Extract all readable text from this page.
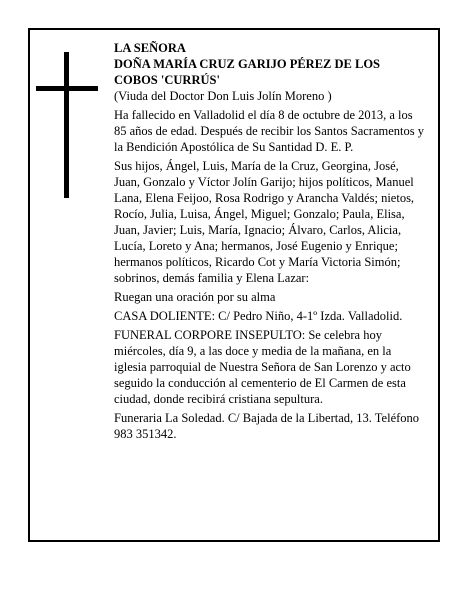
LA SEÑORA

DOÑA MARÍA CRUZ GARIJO PÉREZ DE LOS COBOS 'CURRÚS'

(Viuda del Doctor Don Luis Jolín Moreno )

Ha fallecido en Valladolid el día 8 de octubre de 2013, a los 85 años de edad. Después de recibir los Santos Sacramentos y la Bendición Apostólica de Su Santidad D. E. P.

Sus hijos, Ángel, Luis, María de la Cruz, Georgina, José, Juan, Gonzalo y Víctor Jolín Garijo; hijos políticos, Manuel Lana, Elena Feijoo, Rosa Rodrigo y Arancha Valdés; nietos, Rocío, Julia, Luisa, Ángel, Miguel; Gonzalo; Paula, Elisa, Juan, Javier; Luis, María, Ignacio; Álvaro, Carlos, Alicia, Lucía, Loreto y Ana; hermanos, José Eugenio y Enrique; hermanos políticos, Ricardo Cot y María Victoria Simón; sobrinos, demás familia y Elena Lazar:

Ruegan una oración por su alma

CASA DOLIENTE: C/ Pedro Niño, 4-1º Izda. Valladolid.

FUNERAL CORPORE INSEPULTO: Se celebra hoy miércoles, día 9, a las doce y media de la mañana, en la iglesia parroquial de Nuestra Señora de San Lorenzo y acto seguido la conducción al cementerio de El Carmen de esta ciudad, donde recibirá cristiana sepultura.

Funeraria La Soledad. C/ Bajada de la Libertad, 13. Teléfono 983 351342.
